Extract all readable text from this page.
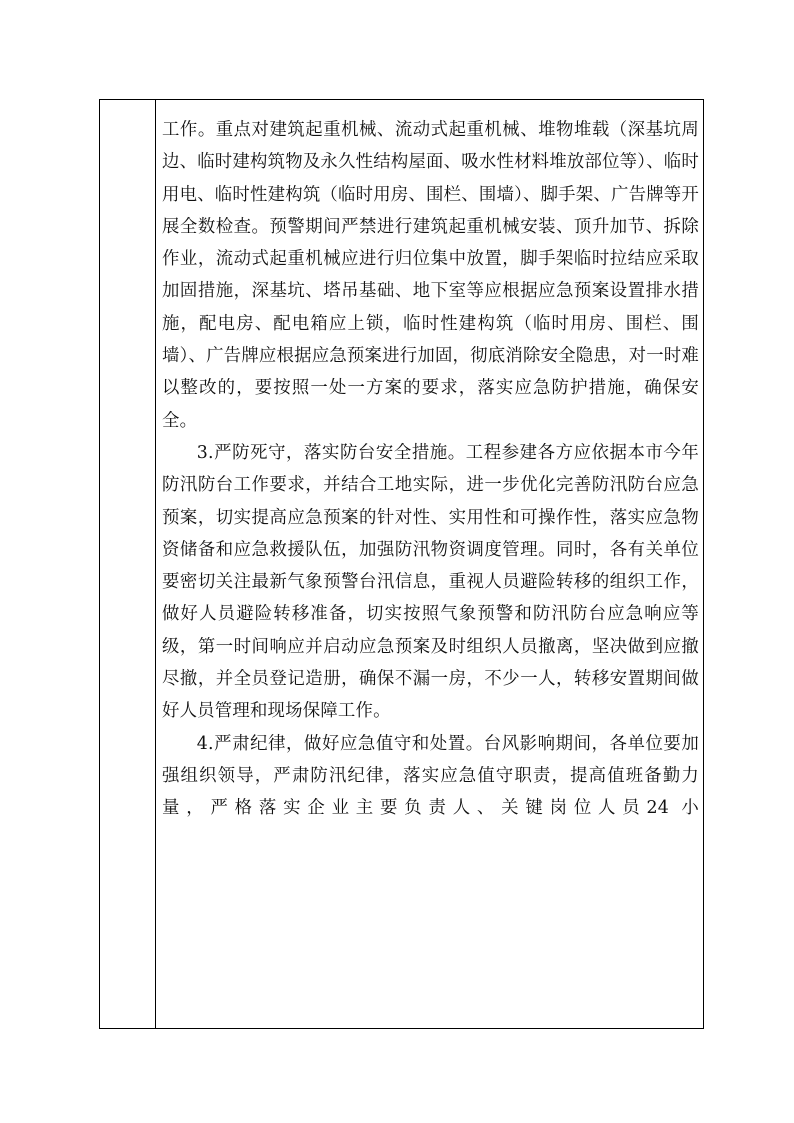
工作。重点对建筑起重机械、流动式起重机械、堆物堆载（深基坑周边、临时建构筑物及永久性结构屋面、吸水性材料堆放部位等）、临时用电、临时性建构筑（临时用房、围栏、围墙）、脚手架、广告牌等开展全数检查。预警期间严禁进行建筑起重机械安装、顶升加节、拆除作业，流动式起重机械应进行归位集中放置，脚手架临时拉结应采取加固措施，深基坑、塔吊基础、地下室等应根据应急预案设置排水措施，配电房、配电箱应上锁，临时性建构筑（临时用房、围栏、围墙）、广告牌应根据应急预案进行加固，彻底消除安全隐患，对一时难以整改的，要按照一处一方案的要求，落实应急防护措施，确保安全。

3.严防死守，落实防台安全措施。工程参建各方应依据本市今年防汛防台工作要求，并结合工地实际，进一步优化完善防汛防台应急预案，切实提高应急预案的针对性、实用性和可操作性，落实应急物资储备和应急救援队伍，加强防汛物资调度管理。同时，各有关单位要密切关注最新气象预警台汛信息，重视人员避险转移的组织工作，做好人员避险转移准备，切实按照气象预警和防汛防台应急响应等级，第一时间响应并启动应急预案及时组织人员撤离，坚决做到应撤尽撤，并全员登记造册，确保不漏一房，不少一人，转移安置期间做好人员管理和现场保障工作。

4.严肃纪律，做好应急值守和处置。台风影响期间，各单位要加强组织领导，严肃防汛纪律，落实应急值守职责，提高值班备勤力量，严格落实企业主要负责人、关键岗位人员24 小
